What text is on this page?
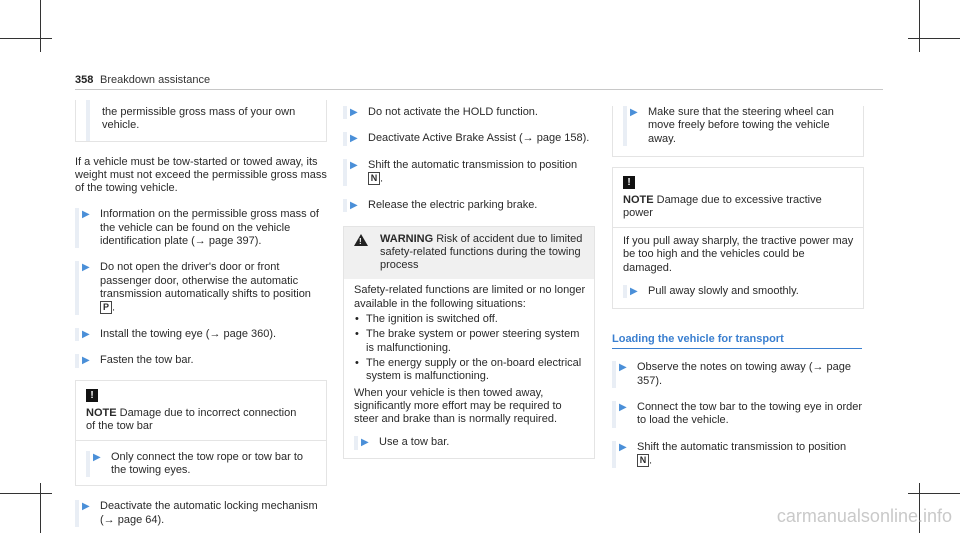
358 Breakdown assistance

the permissible gross mass of your own vehicle.

If a vehicle must be tow-started or towed away, its weight must not exceed the permissible gross mass of the towing vehicle.

▶ Information on the permissible gross mass of the vehicle can be found on the vehicle identification plate (→ page 397).

▶ Do not open the driver's door or front passenger door, otherwise the automatic transmission automatically shifts to position
P .

▶ Install the towing eye (→ page 360).

▶ Fasten the tow bar.

!

NOTE Damage due to incorrect connection of the tow bar

▶ Only connect the tow rope or tow bar to the towing eyes.

▶ Deactivate the automatic locking mechanism (→ page 64).

▶ Do not activate the HOLD function.

▶ Deactivate Active Brake Assist (→ page 158).

▶ Shift the automatic transmission to position
N .

▶ Release the electric parking brake.

! WARNING Risk of accident due to limited safety-related functions during the towing process

Safety-related functions are limited or no longer available in the following situations:

• The ignition is switched off.
• The brake system or power steering system is malfunctioning.
• The energy supply or the on-board electrical system is malfunctioning.

When your vehicle is then towed away, significantly more effort may be required to steer and brake than is normally required.

▶ Use a tow bar.

▶ Make sure that the steering wheel can move freely before towing the vehicle away.

!

NOTE Damage due to excessive tractive power

If you pull away sharply, the tractive power may be too high and the vehicles could be damaged.

▶ Pull away slowly and smoothly.

Loading the vehicle for transport
▶ Observe the notes on towing away (→ page 357).

▶ Connect the tow bar to the towing eye in order to load the vehicle.

▶ Shift the automatic transmission to position
N .

carmanualsonline.info
